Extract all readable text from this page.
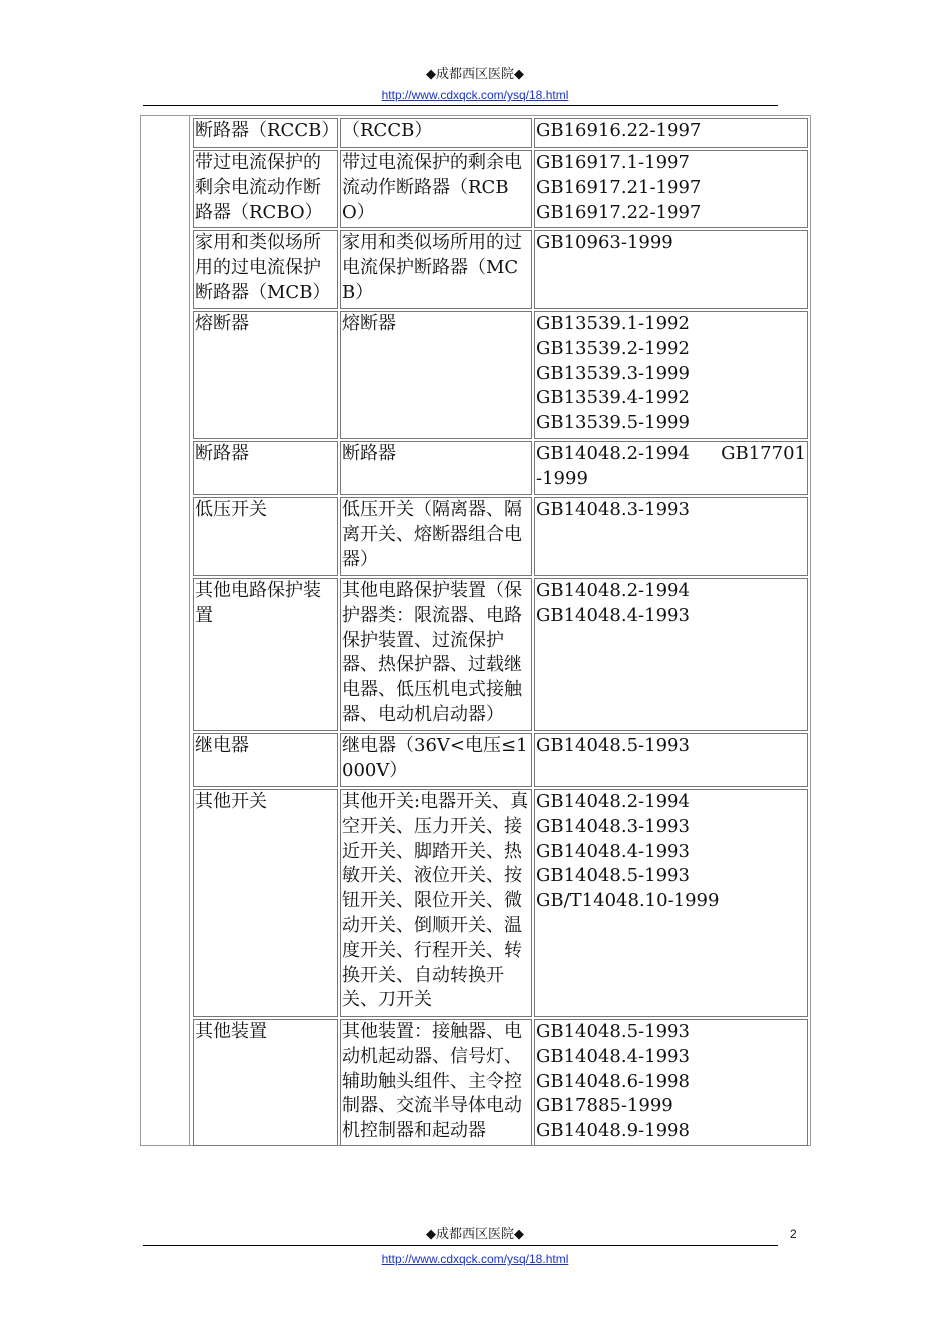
◆成都西区医院◆
http://www.cdxqck.com/ysq/18.html
断路器（RCCB）	（RCCB）	GB16916.22-1997

带过电流保护的剩余电流动作断路器（RCBO）	带过电流保护的剩余电流动作断路器（RCBO）	GB16917.1-1997
GB16917.21-1997
GB16917.22-1997

家用和类似场所用的过电流保护断路器（MCB）	家用和类似场所用的过电流保护断路器（MCB）	GB10963-1999

熔断器	熔断器	GB13539.1-1992
GB13539.2-1992
GB13539.3-1999
GB13539.4-1992
GB13539.5-1999

断路器	断路器	GB14048.2-1994 GB17701
-1999

低压开关	低压开关（隔离器、隔离开关、熔断器组合电器）	GB14048.3-1993

其他电路保护装置	其他电路保护装置（保护器类：限流器、电路保护装置、过流保护器、热保护器、过载继电器、低压机电式接触器、电动机启动器）	GB14048.2-1994
GB14048.4-1993

继电器	继电器（36V<电压≤1000V）	GB14048.5-1993

其他开关	其他开关:电器开关、真空开关、压力开关、接近开关、脚踏开关、热敏开关、液位开关、按钮开关、限位开关、微动开关、倒顺开关、温度开关、行程开关、转换开关、自动转换开关、刀开关	GB14048.2-1994
GB14048.3-1993
GB14048.4-1993
GB14048.5-1993
GB/T14048.10-1999

其他装置	其他装置：接触器、电动机起动器、信号灯、辅助触头组件、主令控制器、交流半导体电动机控制器和起动器	GB14048.5-1993
GB14048.4-1993
GB14048.6-1998
GB17885-1999
GB14048.9-1998
◆成都西区医院◆	2
http://www.cdxqck.com/ysq/18.html
